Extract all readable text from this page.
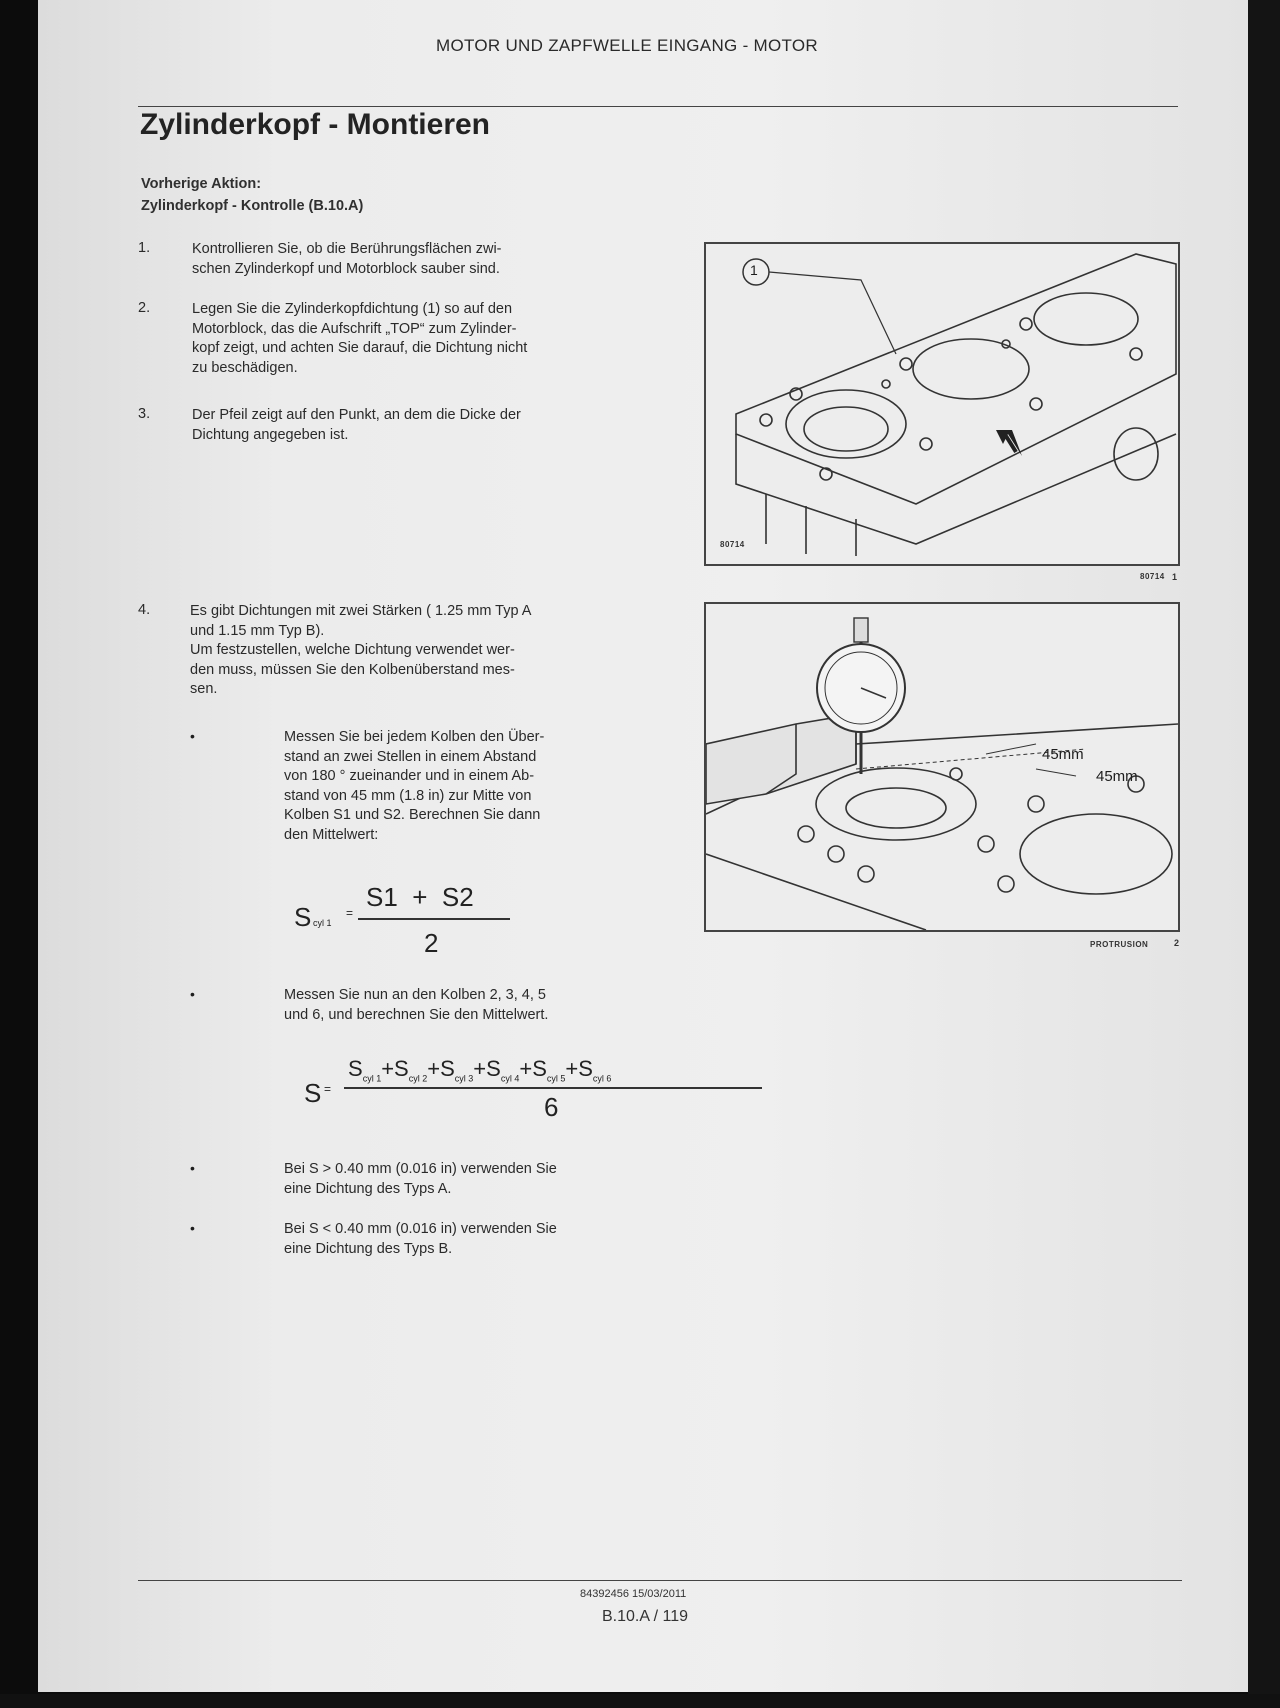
MOTOR UND ZAPFWELLE EINGANG - MOTOR
Zylinderkopf - Montieren
Vorherige Aktion:
Zylinderkopf - Kontrolle (B.10.A)
1.	Kontrollieren Sie, ob die Berührungsflächen zwi-
schen Zylinderkopf und Motorblock sauber sind.
2.	Legen Sie die Zylinderkopfdichtung (1) so auf den
Motorblock, das die Aufschrift „TOP“ zum Zylinder-
kopf zeigt, und achten Sie darauf, die Dichtung nicht
zu beschädigen.
3.	Der Pfeil zeigt auf den Punkt, an dem die Dicke der
Dichtung angegeben ist.
4.	Es gibt Dichtungen mit zwei Stärken ( 1.25 mm Typ A
und 1.15 mm Typ B).
Um festzustellen, welche Dichtung verwendet wer-
den muss, müssen Sie den Kolbenüberstand mes-
sen.
•	Messen Sie bei jedem Kolben den Über-
stand an zwei Stellen in einem Abstand
von 180 ° zueinander und in einem Ab-
stand von 45 mm (1.8 in) zur Mitte von
Kolben S1 und S2. Berechnen Sie dann
den Mittelwert:
S cyl 1
=
S1  +  S2
2
•	Messen Sie nun an den Kolben 2, 3, 4, 5
und 6, und berechnen Sie den Mittelwert.
S =
$S_{cyl 1}+S_{cyl 2}+S_{cyl 3}+S_{cyl 4}+S_{cyl 5}+S_{cyl 6}$
6
•	Bei S > 0.40 mm (0.016 in) verwenden Sie
eine Dichtung des Typs A.
•	Bei S < 0.40 mm (0.016 in) verwenden Sie
eine Dichtung des Typs B.
1
80714
80714 1
45mm
45mm
PROTRUSION	2
84392456 15/03/2011
B.10.A / 119
